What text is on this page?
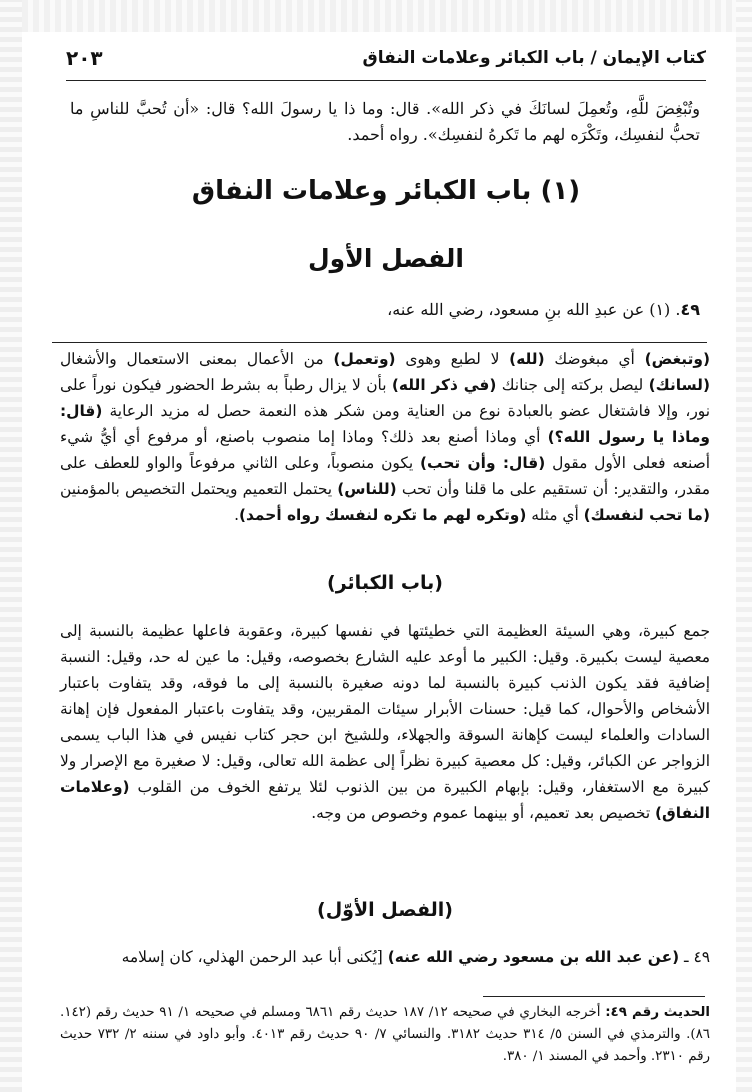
كتاب الإيمان / باب الكبائر وعلامات النفاق
٢٠٣
وتُبْغِضَ للَّهِ، وتُعمِلَ لسانَكَ في ذكر الله». قال: وما ذا يا رسولَ الله؟ قال: «أن تُحبَّ للناسِ ما تحبُّ لنفسِك، وتَكْرَه لهم ما تَكرهُ لنفسِك». رواه أحمد.
(١) باب الكبائر وعلامات النفاق
الفصل الأول
٤٩. (١) عن عبدِ الله بنِ مسعود، رضي الله عنه،
(وتبغض) أي مبغوضك (لله) لا لطبع وهوى (وتعمل) من الأعمال بمعنى الاستعمال والأشغال (لسانك) ليصل بركته إلى جنانك (في ذكر الله) بأن لا يزال رطباً به بشرط الحضور فيكون نوراً على نور، وإلا فاشتغال عضو بالعبادة نوع من العناية ومن شكر هذه النعمة حصل له مزيد الرعاية (قال: وماذا يا رسول الله؟) أي وماذا أصنع بعد ذلك؟ وماذا إما منصوب باصنع، أو مرفوع أي أيُّ شيء أصنعه فعلى الأول مقول (قال: وأن تحب) يكون منصوباً، وعلى الثاني مرفوعاً والواو للعطف على مقدر، والتقدير: أن تستقيم على ما قلنا وأن تحب (للناس) يحتمل التعميم ويحتمل التخصيص بالمؤمنين (ما تحب لنفسك) أي مثله (وتكره لهم ما تكره لنفسك رواه أحمد).
(باب الكبائر)
جمع كبيرة، وهي السيئة العظيمة التي خطيئتها في نفسها كبيرة، وعقوبة فاعلها عظيمة بالنسبة إلى معصية ليست بكبيرة. وقيل: الكبير ما أوعد عليه الشارع بخصوصه، وقيل: ما عين له حد، وقيل: النسبة إضافية فقد يكون الذنب كبيرة بالنسبة لما دونه صغيرة بالنسبة إلى ما فوقه، وقد يتفاوت باعتبار الأشخاص والأحوال، كما قيل: حسنات الأبرار سيئات المقربين، وقد يتفاوت باعتبار المفعول فإن إهانة السادات والعلماء ليست كإهانة السوقة والجهلاء، وللشيخ ابن حجر كتاب نفيس في هذا الباب يسمى الزواجر عن الكبائر، وقيل: كل معصية كبيرة نظراً إلى عظمة الله تعالى، وقيل: لا صغيرة مع الإصرار ولا كبيرة مع الاستغفار، وقيل: بإبهام الكبيرة من بين الذنوب لئلا يرتفع الخوف من القلوب (وعلامات النفاق) تخصيص بعد تعميم، أو بينهما عموم وخصوص من وجه.
(الفصل الأوّل)
٤٩ ـ (عن عبد الله بن مسعود رضي الله عنه) [يُكنى أبا عبد الرحمن الهذلي، كان إسلامه
الحديث رقم ٤٩: أخرجه البخاري في صحيحه ١٢/ ١٨٧ حديث رقم ٦٨٦١ ومسلم في صحيحه ١/ ٩١ حديث رقم (١٤٢. ٨٦). والترمذي في السنن ٥/ ٣١٤ حديث ٣١٨٢. والنسائي ٧/ ٩٠ حديث رقم ٤٠١٣. وأبو داود في سننه ٢/ ٧٣٢ حديث رقم ٢٣١٠. وأحمد في المسند ١/ ٣٨٠.
